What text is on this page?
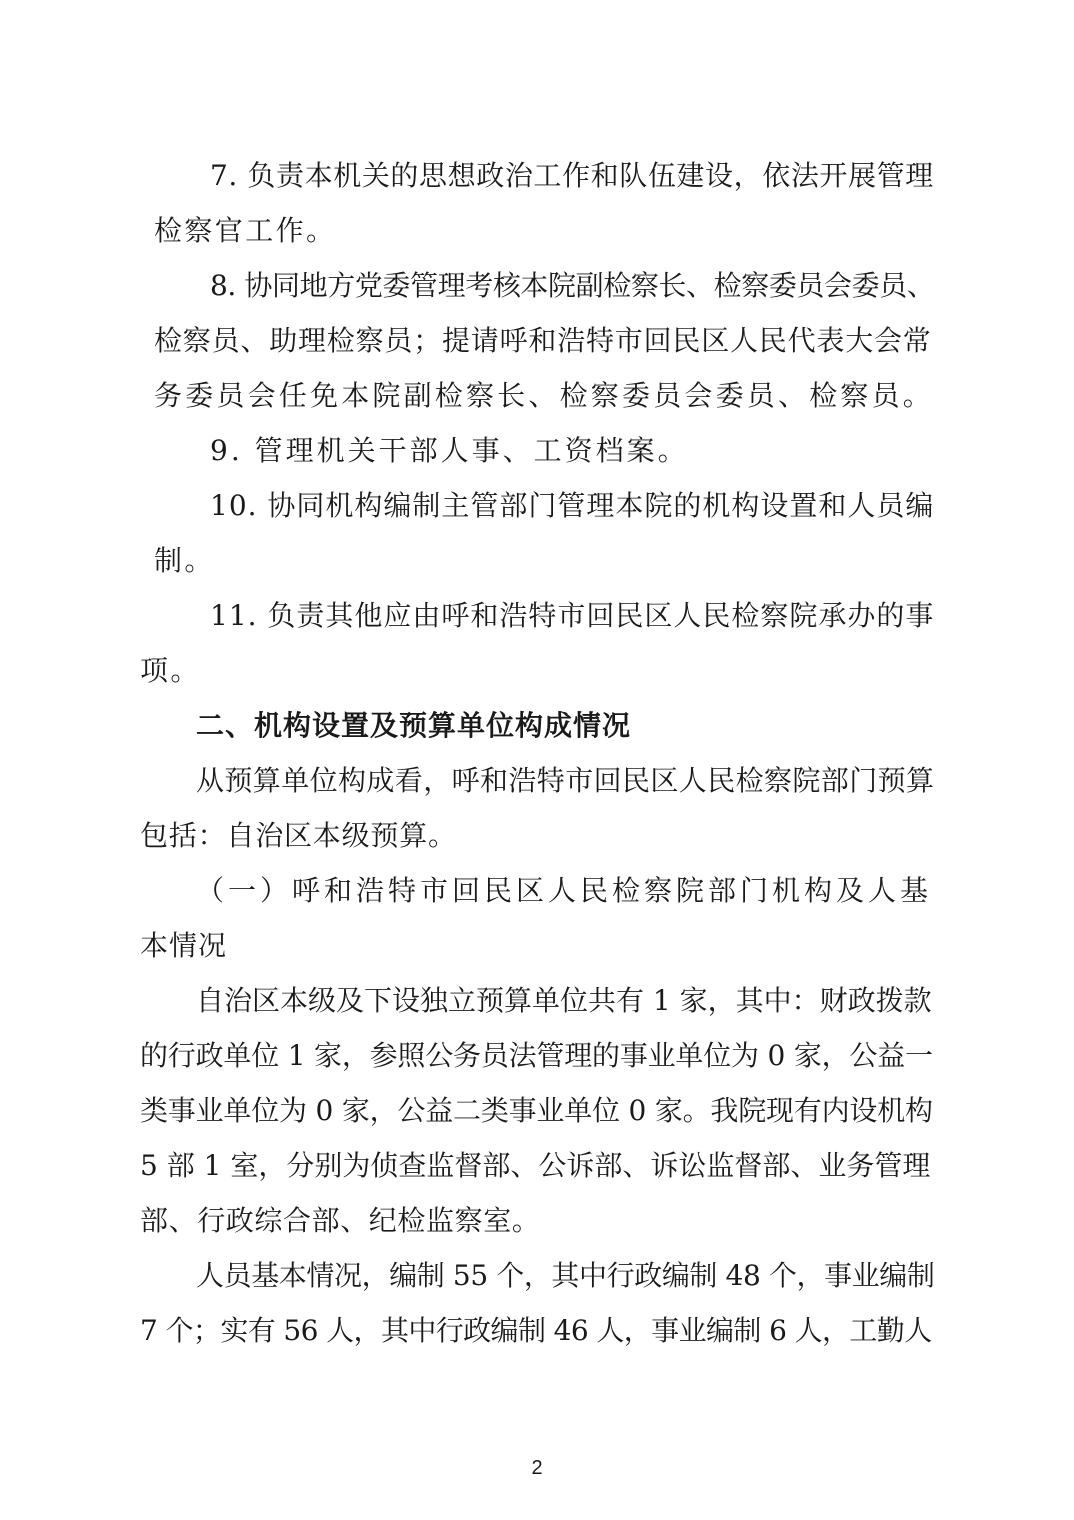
7. 负责本机关的思想政治工作和队伍建设，依法开展管理
检察官工作。
8. 协同地方党委管理考核本院副检察长、检察委员会委员、
检察员、助理检察员；提请呼和浩特市回民区人民代表大会常
务委员会任免本院副检察长、检察委员会委员、检察员。
9. 管理机关干部人事、工资档案。
10. 协同机构编制主管部门管理本院的机构设置和人员编
制。
11. 负责其他应由呼和浩特市回民区人民检察院承办的事
项。
二、机构设置及预算单位构成情况
从预算单位构成看，呼和浩特市回民区人民检察院部门预算
包括：自治区本级预算。
（一）呼和浩特市回民区人民检察院部门机构及人基
本情况
自治区本级及下设独立预算单位共有 1 家，其中：财政拨款
的行政单位 1 家，参照公务员法管理的事业单位为 0 家，公益一
类事业单位为 0 家，公益二类事业单位 0 家。我院现有内设机构
5 部 1 室，分别为侦查监督部、公诉部、诉讼监督部、业务管理
部、行政综合部、纪检监察室。
人员基本情况，编制 55 个，其中行政编制 48 个，事业编制
7 个；实有 56 人，其中行政编制 46 人，事业编制 6 人，工勤人
2
